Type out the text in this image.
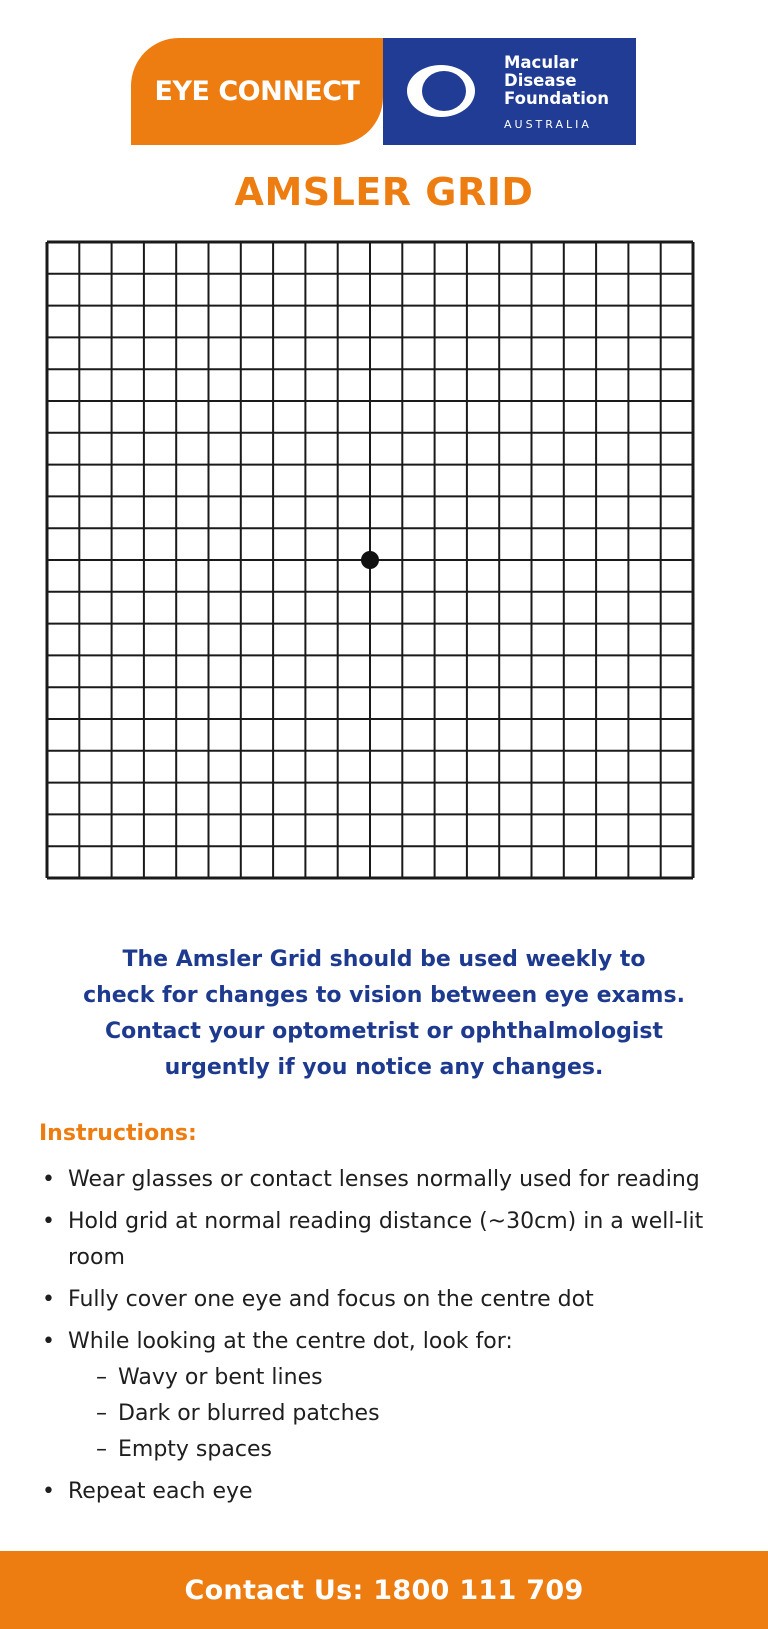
EYE CONNECT
Macular
Disease
Foundation
AUSTRALIA
AMSLER GRID
The Amsler Grid should be used weekly to
check for changes to vision between eye exams.
Contact your optometrist or ophthalmologist
urgently if you notice any changes.
Instructions:
• Wear glasses or contact lenses normally used for reading
• Hold grid at normal reading distance (~30cm) in a well-lit room
• Fully cover one eye and focus on the centre dot
• While looking at the centre dot, look for:
– Wavy or bent lines
– Dark or blurred patches
– Empty spaces
• Repeat each eye
Contact Us: 1800 111 709
